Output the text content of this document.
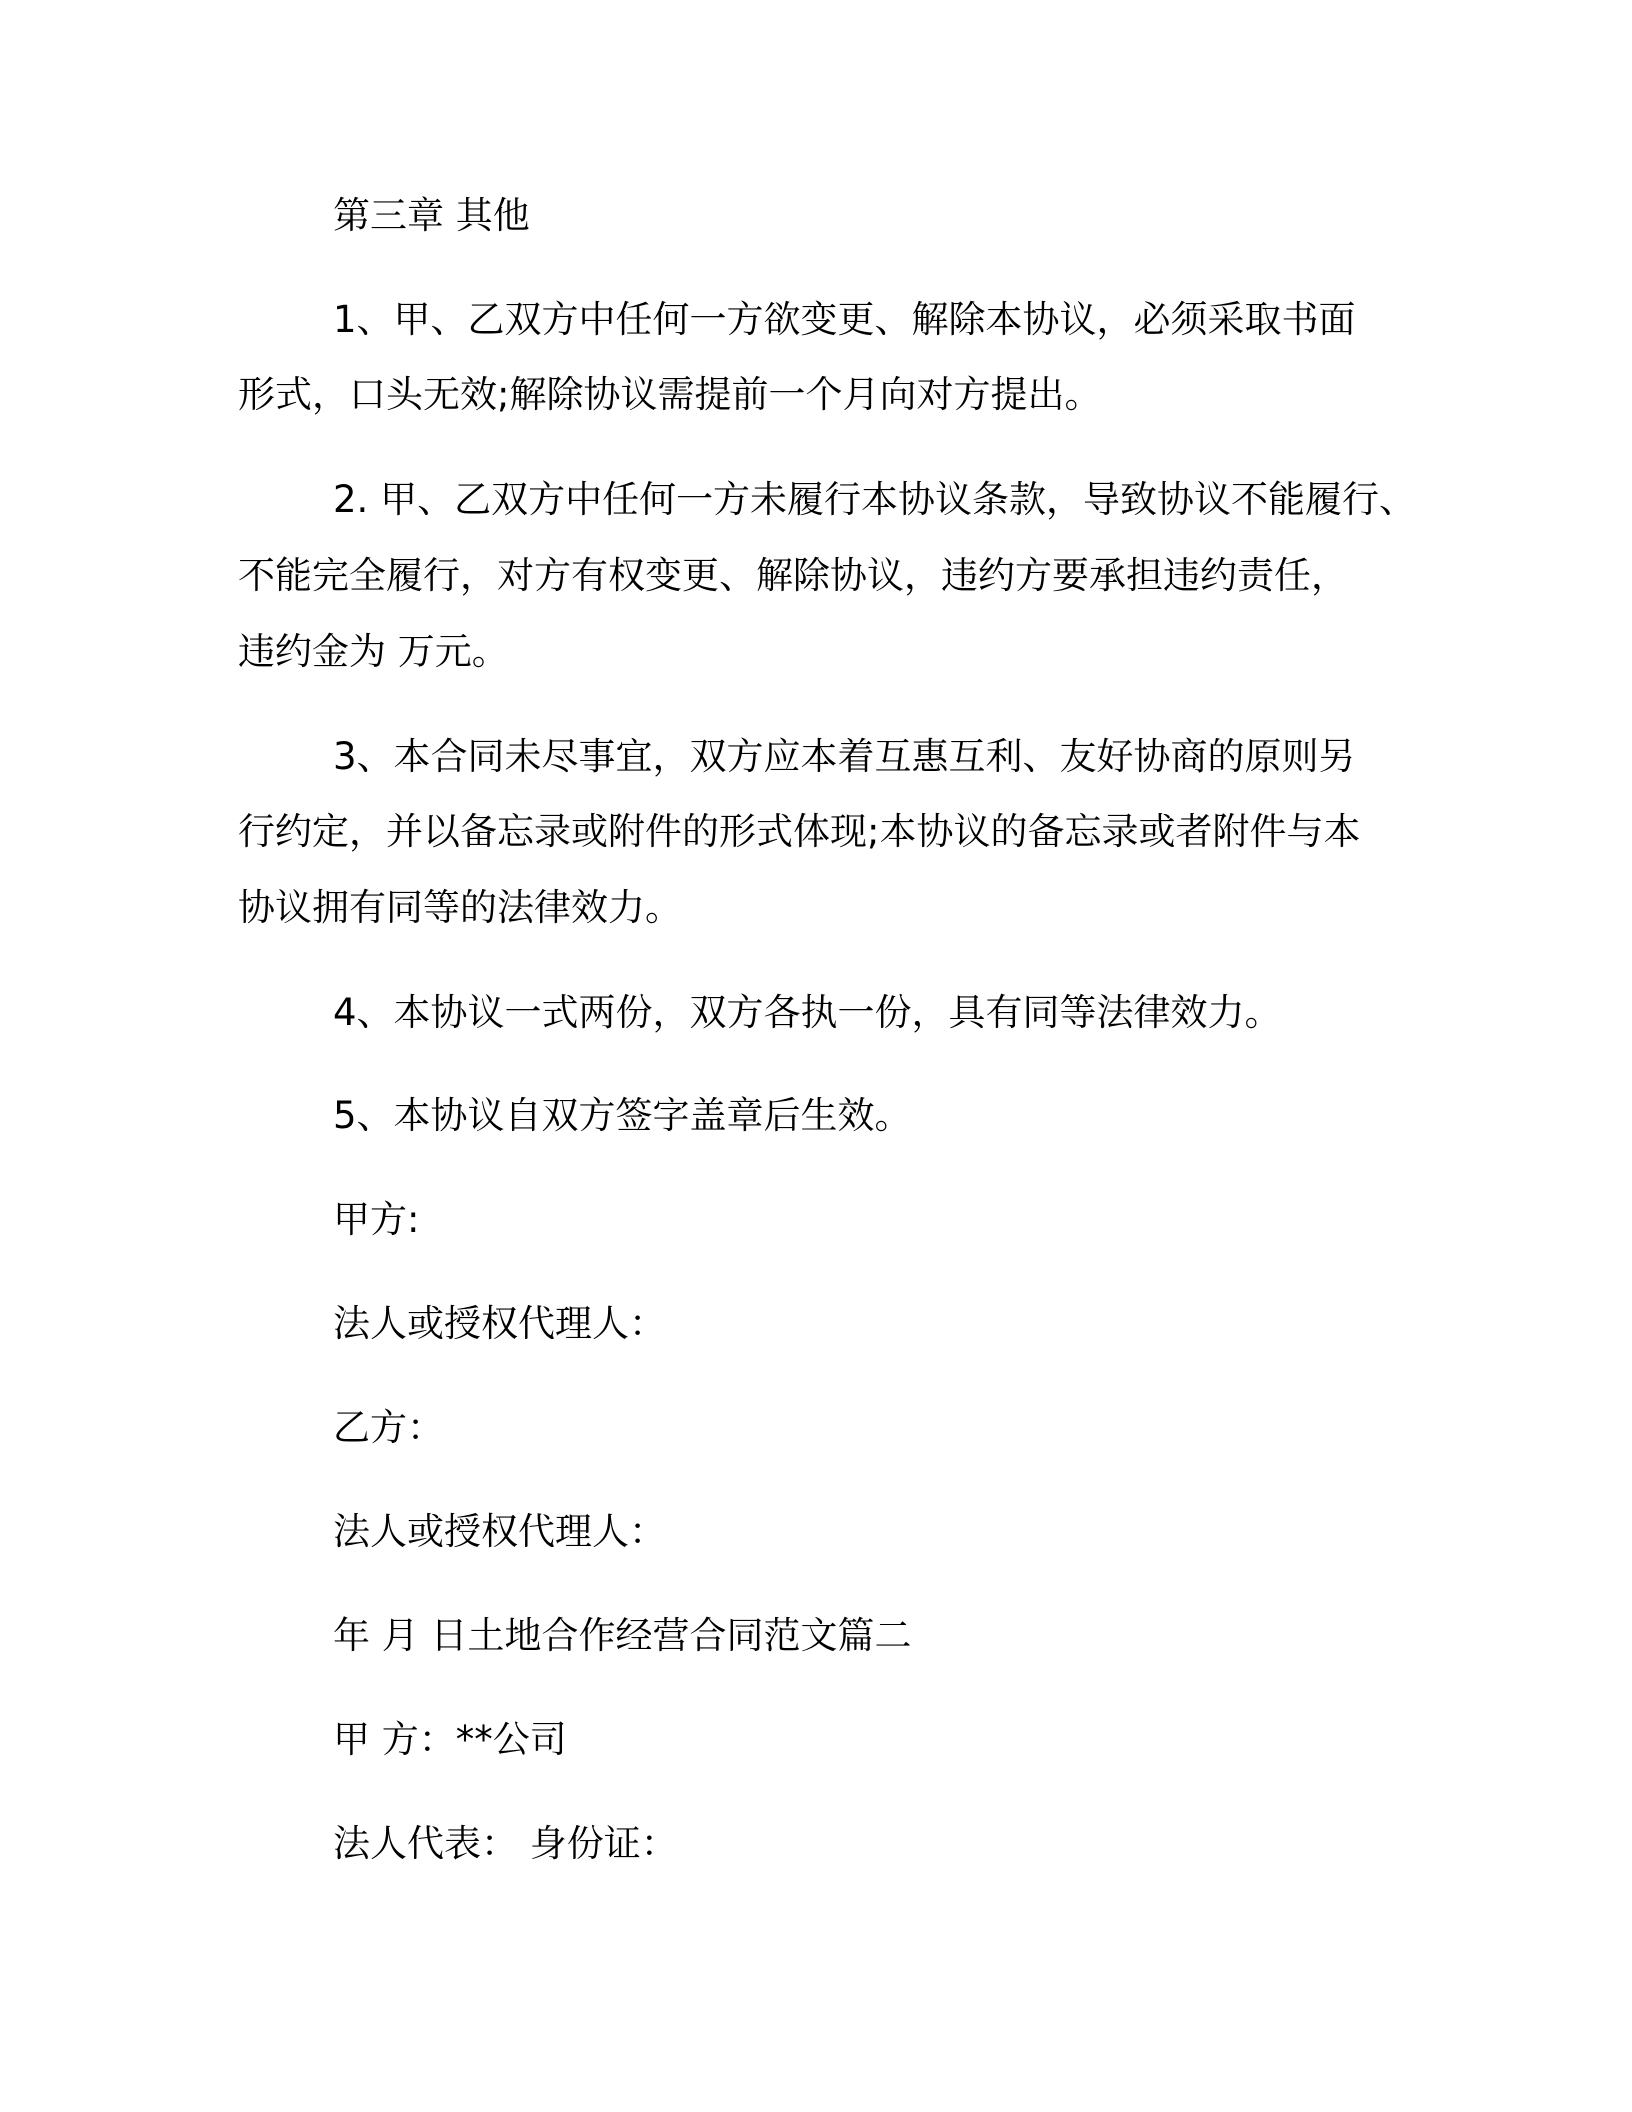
第三章 其他

1、甲、乙双方中任何一方欲变更、解除本协议，必须采取书面

形式，口头无效;解除协议需提前一个月向对方提出。

2. 甲、乙双方中任何一方未履行本协议条款，导致协议不能履行、

不能完全履行，对方有权变更、解除协议，违约方要承担违约责任，

违约金为 万元。

3、本合同未尽事宜，双方应本着互惠互利、友好协商的原则另

行约定，并以备忘录或附件的形式体现;本协议的备忘录或者附件与本

协议拥有同等的法律效力。

4、本协议一式两份，双方各执一份，具有同等法律效力。

5、本协议自双方签字盖章后生效。

甲方:

法人或授权代理人：

乙方：

法人或授权代理人：

年 月 日土地合作经营合同范文篇二

甲 方：**公司

法人代表： 身份证：
